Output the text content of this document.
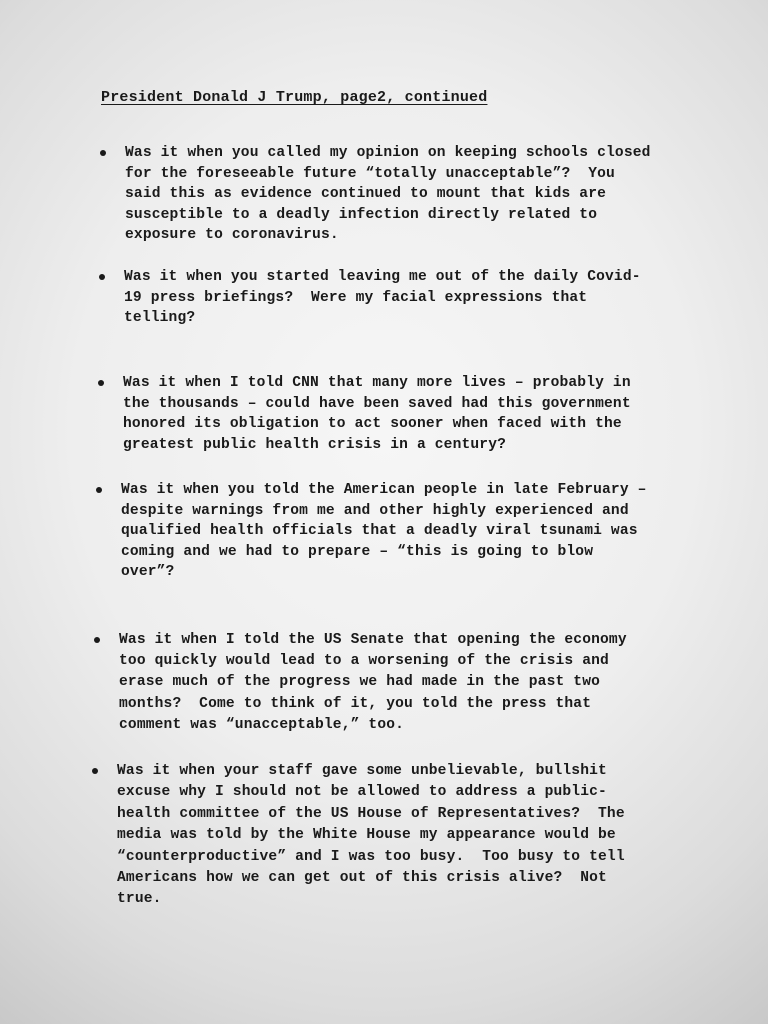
President Donald J Trump, page2, continued
Was it when you called my opinion on keeping schools closed
for the foreseeable future “totally unacceptable”?  You
said this as evidence continued to mount that kids are
susceptible to a deadly infection directly related to
exposure to coronavirus.
Was it when you started leaving me out of the daily Covid-
19 press briefings?  Were my facial expressions that
telling?
Was it when I told CNN that many more lives – probably in
the thousands – could have been saved had this government
honored its obligation to act sooner when faced with the
greatest public health crisis in a century?
Was it when you told the American people in late February –
despite warnings from me and other highly experienced and
qualified health officials that a deadly viral tsunami was
coming and we had to prepare – “this is going to blow
over”?
Was it when I told the US Senate that opening the economy
too quickly would lead to a worsening of the crisis and
erase much of the progress we had made in the past two
months?  Come to think of it, you told the press that
comment was “unacceptable,” too.
Was it when your staff gave some unbelievable, bullshit
excuse why I should not be allowed to address a public-
health committee of the US House of Representatives?  The
media was told by the White House my appearance would be
“counterproductive” and I was too busy.  Too busy to tell
Americans how we can get out of this crisis alive?  Not
true.
